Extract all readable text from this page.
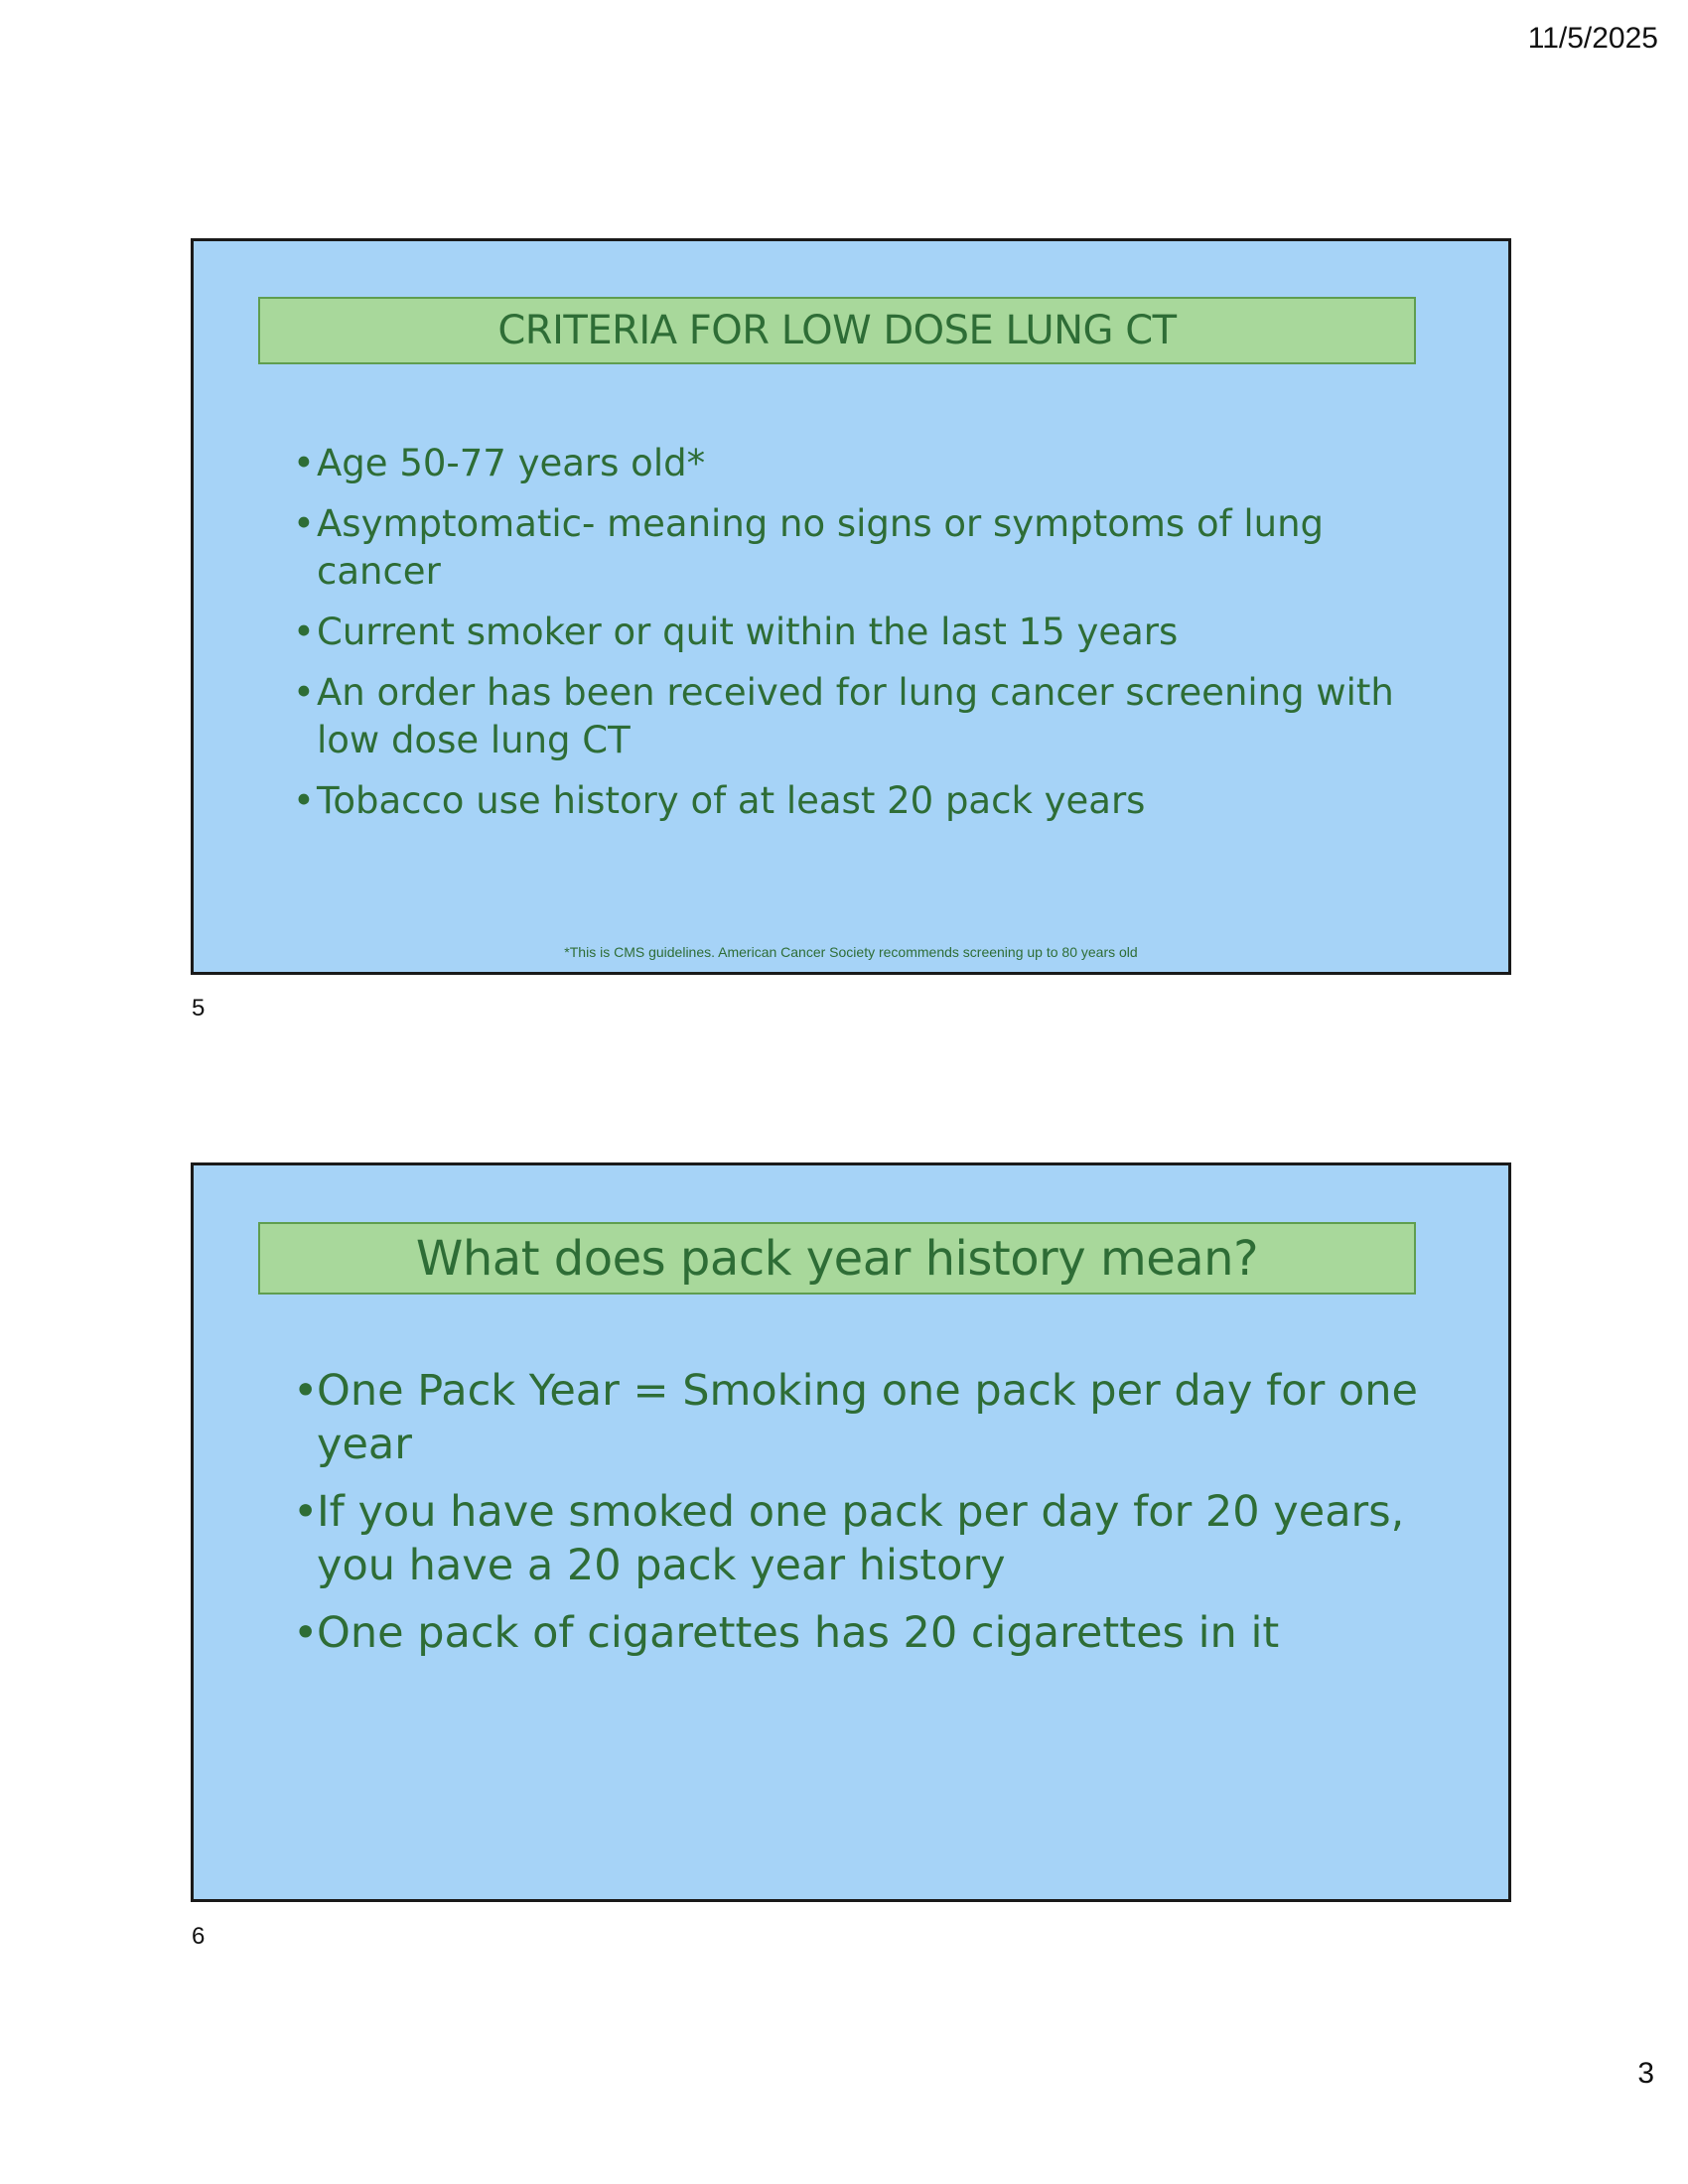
11/5/2025
CRITERIA FOR LOW DOSE LUNG CT
• Age 50-77 years old*
• Asymptomatic- meaning no signs or symptoms of lung cancer
• Current smoker or quit within the last 15 years
• An order has been received for lung cancer screening with low dose lung CT
• Tobacco use history of at least 20 pack years
*This is CMS guidelines. American Cancer Society recommends screening up to 80 years old
5
What does pack year history mean?
•
One Pack Year = Smoking one pack per day for one year
•
If you have smoked one pack per day for 20 years, you have a 20 pack year history
•
One pack of cigarettes has 20 cigarettes in it
6
3
